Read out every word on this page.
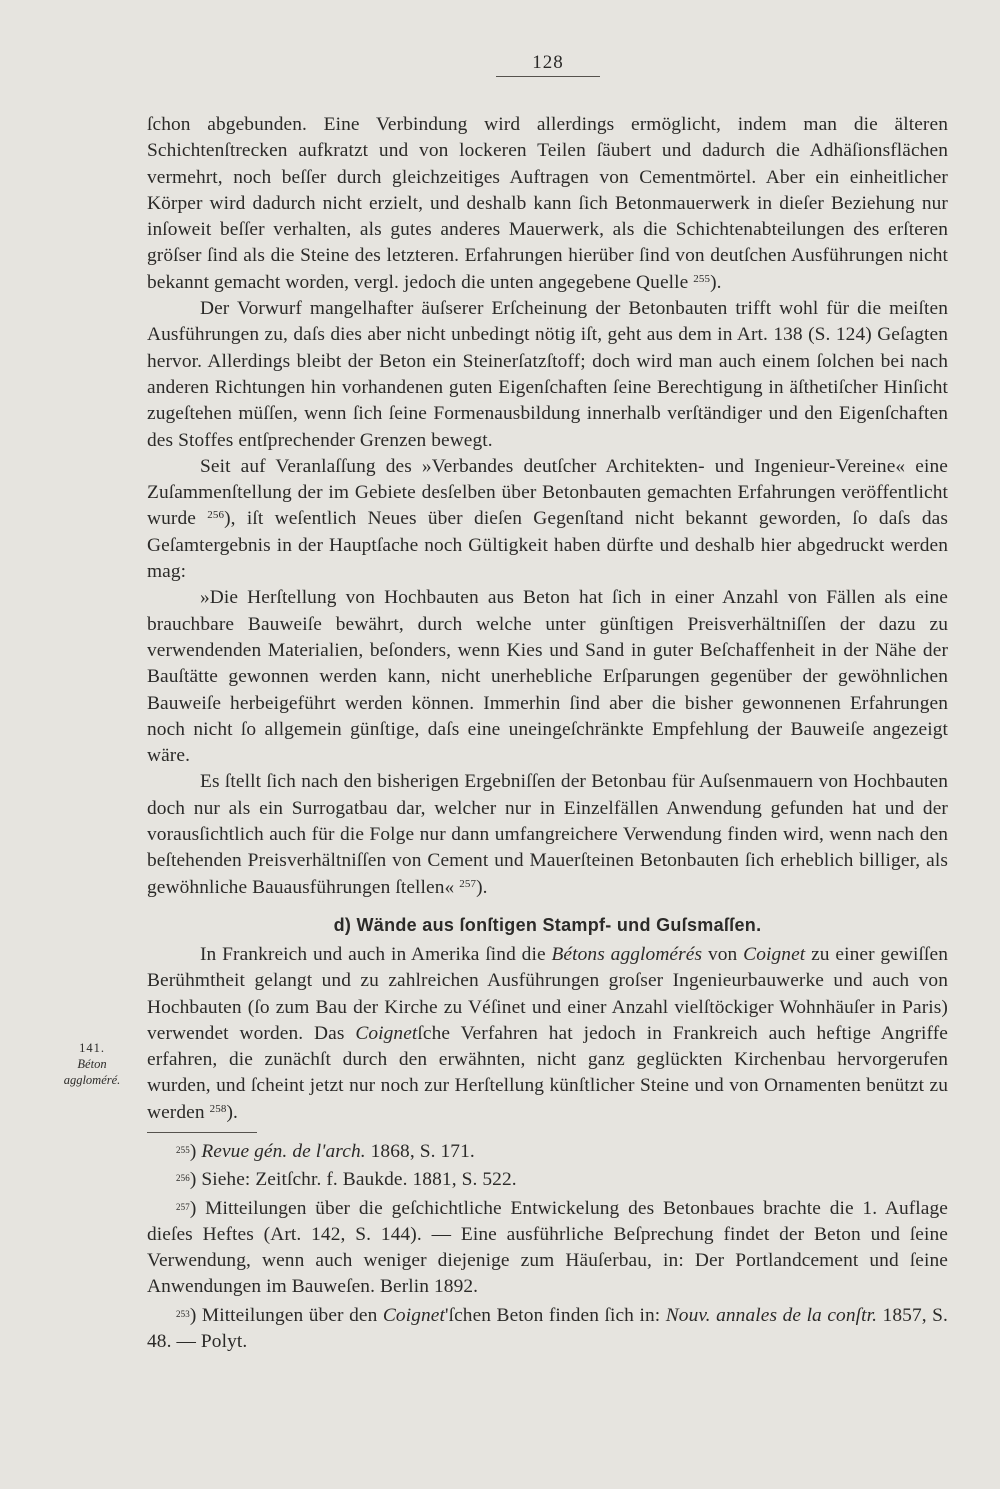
128

ſchon abgebunden. Eine Verbindung wird allerdings ermöglicht, indem man die älteren Schichtenſtrecken aufkratzt und von lockeren Teilen ſäubert und dadurch die Adhäſionsflächen vermehrt, noch beſſer durch gleichzeitiges Auftragen von Cementmörtel. Aber ein einheitlicher Körper wird dadurch nicht erzielt, und deshalb kann ſich Betonmauerwerk in dieſer Beziehung nur inſoweit beſſer verhalten, als gutes anderes Mauerwerk, als die Schichtenabteilungen des erſteren gröſser ſind als die Steine des letzteren. Erfahrungen hierüber ſind von deutſchen Ausführungen nicht bekannt gemacht worden, vergl. jedoch die unten angegebene Quelle $^{255}$).

Der Vorwurf mangelhafter äuſserer Erſcheinung der Betonbauten trifft wohl für die meiſten Ausführungen zu, daſs dies aber nicht unbedingt nötig iſt, geht aus dem in Art. 138 (S. 124) Geſagten hervor. Allerdings bleibt der Beton ein Steinerſatzſtoff; doch wird man auch einem ſolchen bei nach anderen Richtungen hin vorhandenen guten Eigenſchaften ſeine Berechtigung in äſthetiſcher Hinſicht zugeſtehen müſſen, wenn ſich ſeine Formenausbildung innerhalb verſtändiger und den Eigenſchaften des Stoffes entſprechender Grenzen bewegt.

Seit auf Veranlaſſung des »Verbandes deutſcher Architekten- und Ingenieur-Vereine« eine Zuſammenſtellung der im Gebiete desſelben über Betonbauten gemachten Erfahrungen veröffentlicht wurde $^{256}$), iſt weſentlich Neues über dieſen Gegenſtand nicht bekannt geworden, ſo daſs das Geſamtergebnis in der Hauptſache noch Gültigkeit haben dürfte und deshalb hier abgedruckt werden mag:

»Die Herſtellung von Hochbauten aus Beton hat ſich in einer Anzahl von Fällen als eine brauchbare Bauweiſe bewährt, durch welche unter günſtigen Preisverhältniſſen der dazu zu verwendenden Materialien, beſonders, wenn Kies und Sand in guter Beſchaffenheit in der Nähe der Bauſtätte gewonnen werden kann, nicht unerhebliche Erſparungen gegenüber der gewöhnlichen Bauweiſe herbeigeführt werden können. Immerhin ſind aber die bisher gewonnenen Erfahrungen noch nicht ſo allgemein günſtige, daſs eine uneingeſchränkte Empfehlung der Bauweiſe angezeigt wäre.

Es ſtellt ſich nach den bisherigen Ergebniſſen der Betonbau für Auſsenmauern von Hochbauten doch nur als ein Surrogatbau dar, welcher nur in Einzelfällen Anwendung gefunden hat und der vorausſichtlich auch für die Folge nur dann umfangreichere Verwendung finden wird, wenn nach den beſtehenden Preisverhältniſſen von Cement und Mauerſteinen Betonbauten ſich erheblich billiger, als gewöhnliche Bauausführungen ſtellen« $^{257}$).

d) Wände aus ſonſtigen Stampf- und Guſsmaſſen.

In Frankreich und auch in Amerika ſind die Bétons agglomérés von Coignet zu einer gewiſſen Berühmtheit gelangt und zu zahlreichen Ausführungen groſser Ingenieurbauwerke und auch von Hochbauten (ſo zum Bau der Kirche zu Véſinet und einer Anzahl vielſtöckiger Wohnhäuſer in Paris) verwendet worden. Das Coignetſche Verfahren hat jedoch in Frankreich auch heftige Angriffe erfahren, die zunächſt durch den erwähnten, nicht ganz geglückten Kirchenbau hervorgerufen wurden, und ſcheint jetzt nur noch zur Herſtellung künſtlicher Steine und von Ornamenten benützt zu werden $^{258}$).

$^{255}$) Revue gén. de l'arch. 1868, S. 171.

$^{256}$) Siehe: Zeitſchr. f. Baukde. 1881, S. 522.

$^{257}$) Mitteilungen über die geſchichtliche Entwickelung des Betonbaues brachte die 1. Auflage dieſes Heftes (Art. 142, S. 144). — Eine ausführliche Beſprechung findet der Beton und ſeine Verwendung, wenn auch weniger diejenige zum Häuſerbau, in: Der Portlandcement und ſeine Anwendungen im Bauweſen. Berlin 1892.

$^{253}$) Mitteilungen über den Coignet'ſchen Beton finden ſich in: Nouv. annales de la conſtr. 1857, S. 48. — Polyt.

141.
Béton
aggloméré.
